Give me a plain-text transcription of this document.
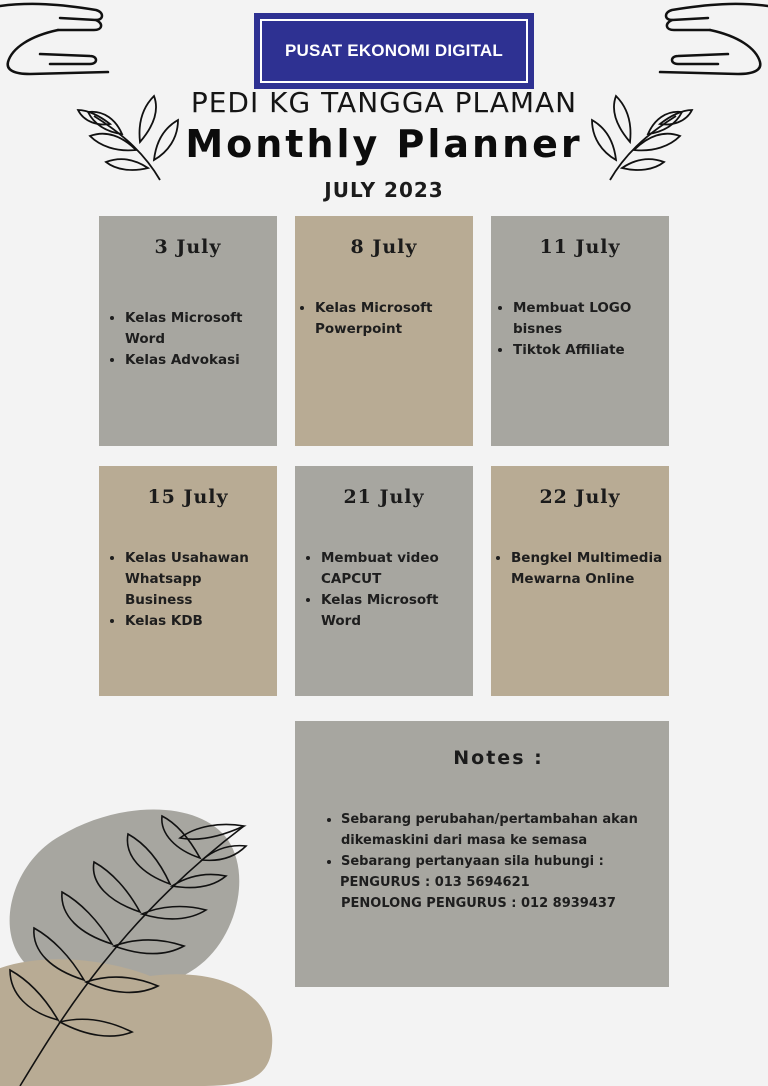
PUSAT EKONOMI DIGITAL
PEDI KG TANGGA PLAMAN
Monthly Planner
JULY 2023
3 July
• Kelas Microsoft Word
• Kelas Advokasi
8 July
• Kelas Microsoft Powerpoint
11 July
• Membuat LOGO bisnes
• Tiktok Affiliate
15 July
• Kelas Usahawan Whatsapp Business
• Kelas KDB
21 July
• Membuat video CAPCUT
• Kelas Microsoft Word
22 July
• Bengkel Multimedia Mewarna Online
Notes :
• Sebarang perubahan/pertambahan akan dikemaskini dari masa ke semasa
• Sebarang pertanyaan sila hubungi :
PENGURUS : 013 5694621
PENOLONG PENGURUS : 012 8939437
